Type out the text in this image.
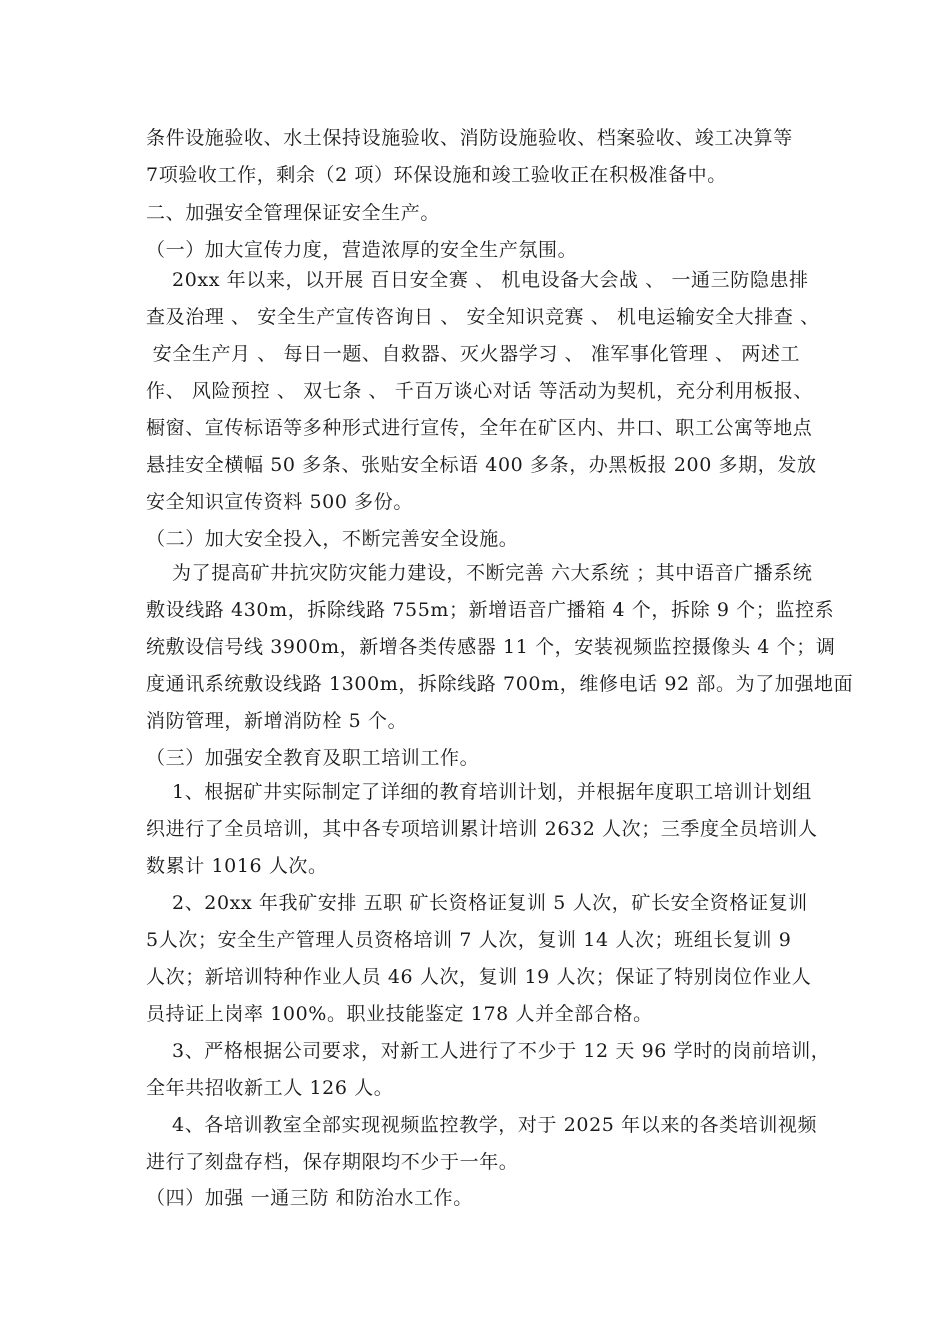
条件设施验收、水土保持设施验收、消防设施验收、档案验收、竣工决算等
7项验收工作，剩余（2 项）环保设施和竣工验收正在积极准备中。
二、加强安全管理保证安全生产。
（一）加大宣传力度，营造浓厚的安全生产氛围。
20xx 年以来，以开展 百日安全赛 、 机电设备大会战 、 一通三防隐患排
查及治理 、 安全生产宣传咨询日 、 安全知识竞赛 、 机电运输安全大排查 、
安全生产月 、 每日一题、自救器、灭火器学习 、 准军事化管理 、 两述工
作、 风险预控 、 双七条 、 千百万谈心对话 等活动为契机，充分利用板报、
橱窗、宣传标语等多种形式进行宣传，全年在矿区内、井口、职工公寓等地点
悬挂安全横幅 50 多条、张贴安全标语 400 多条，办黑板报 200 多期，发放
安全知识宣传资料 500 多份。
（二）加大安全投入，不断完善安全设施。
为了提高矿井抗灾防灾能力建设，不断完善 六大系统 ；其中语音广播系统
敷设线路 430m，拆除线路 755m；新增语音广播箱 4 个，拆除 9 个；监控系
统敷设信号线 3900m，新增各类传感器 11 个，安装视频监控摄像头 4 个；调
度通讯系统敷设线路 1300m，拆除线路 700m，维修电话 92 部。为了加强地面
消防管理，新增消防栓 5 个。
（三）加强安全教育及职工培训工作。
1、根据矿井实际制定了详细的教育培训计划，并根据年度职工培训计划组
织进行了全员培训，其中各专项培训累计培训 2632 人次；三季度全员培训人
数累计 1016 人次。
2、20xx 年我矿安排 五职 矿长资格证复训 5 人次，矿长安全资格证复训
5人次；安全生产管理人员资格培训 7 人次，复训 14 人次；班组长复训 9
人次；新培训特种作业人员 46 人次，复训 19 人次；保证了特别岗位作业人
员持证上岗率 100%。职业技能鉴定 178 人并全部合格。
3、严格根据公司要求，对新工人进行了不少于 12 天 96 学时的岗前培训，
全年共招收新工人 126 人。
4、各培训教室全部实现视频监控教学，对于 2025 年以来的各类培训视频
进行了刻盘存档，保存期限均不少于一年。
（四）加强 一通三防 和防治水工作。
